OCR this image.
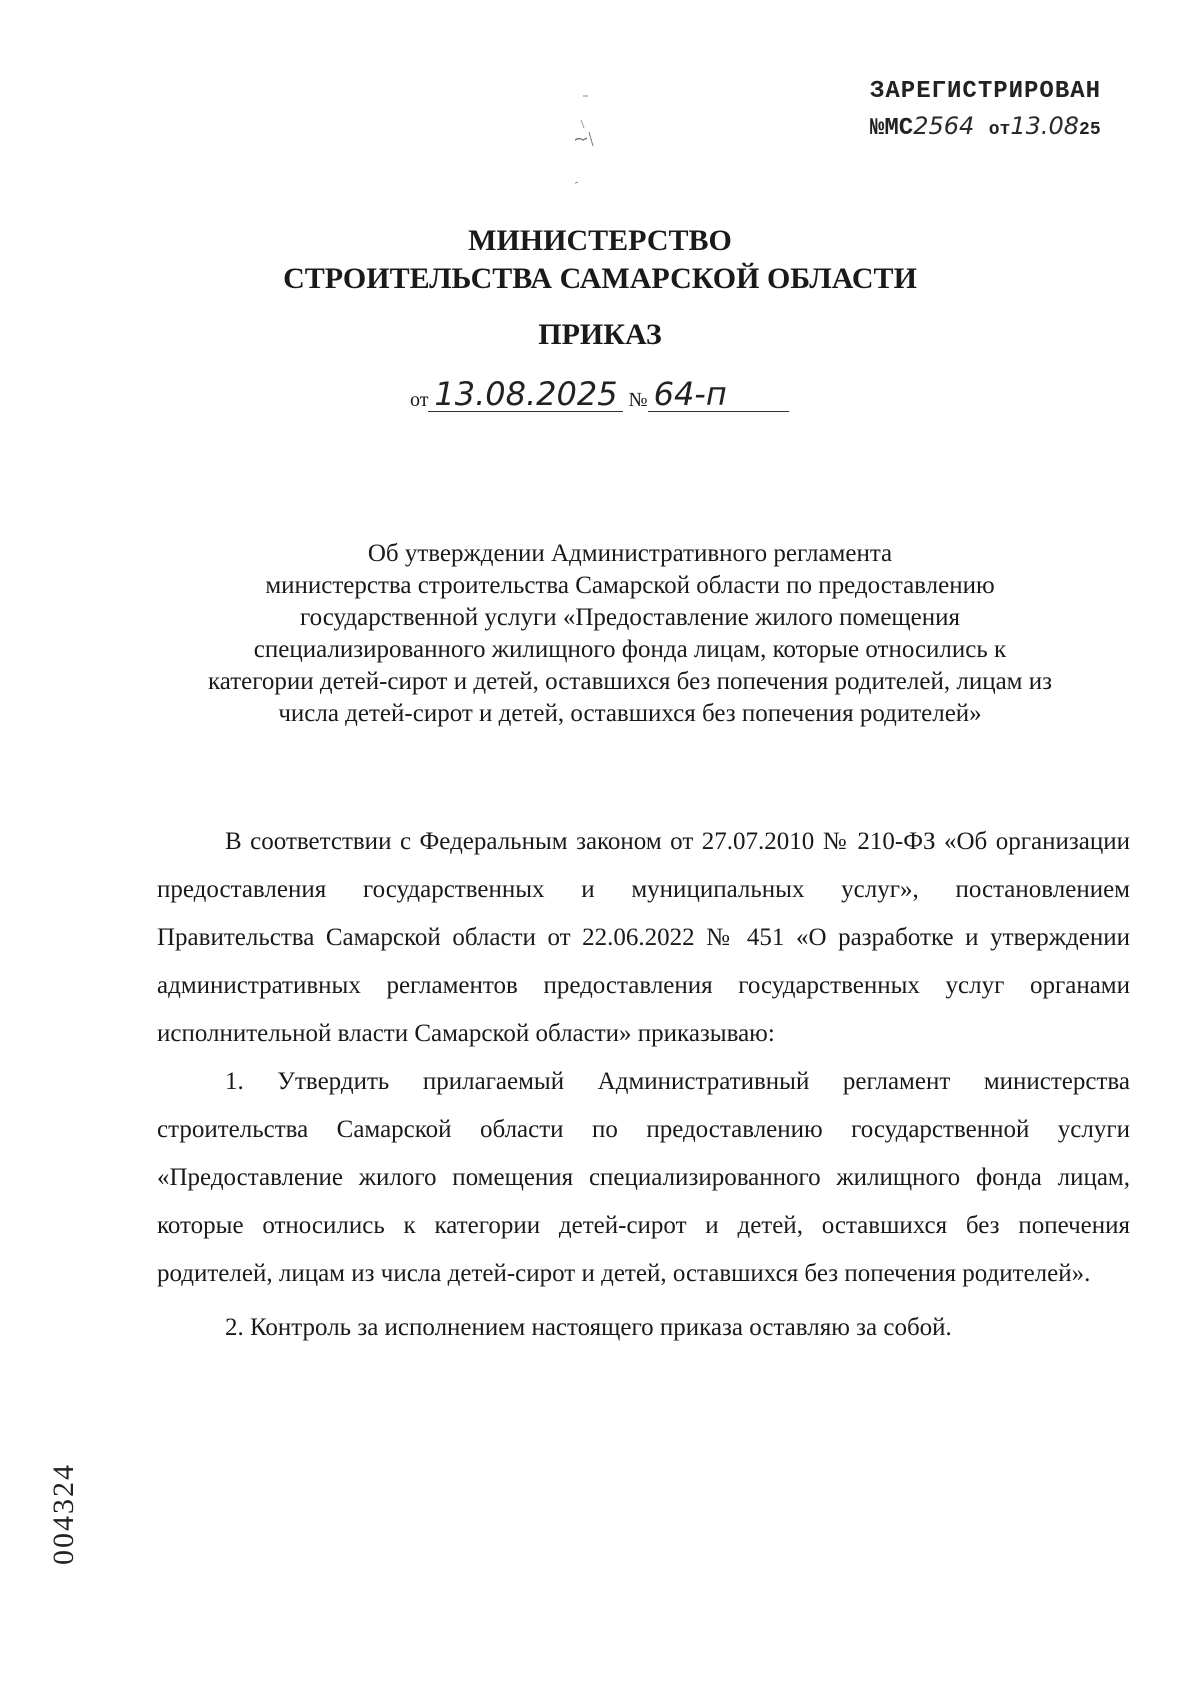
ЗАРЕГИСТРИРОВАН
№МС2564 от13.0825
МИНИСТЕРСТВО
СТРОИТЕЛЬСТВА САМАРСКОЙ ОБЛАСТИ
ПРИКАЗ
от 13.08.2025 № 64-п
Об утверждении Административного регламента
министерства строительства Самарской области по предоставлению
государственной услуги «Предоставление жилого помещения
специализированного жилищного фонда лицам, которые относились к
категории детей-сирот и детей, оставшихся без попечения родителей, лицам из
числа детей-сирот и детей, оставшихся без попечения родителей»

В соответствии с Федеральным законом от 27.07.2010 № 210-ФЗ «Об организации предоставления государственных и муниципальных услуг», постановлением Правительства Самарской области от 22.06.2022 № 451 «О разработке и утверждении административных регламентов предоставления государственных услуг органами исполнительной власти Самарской области» приказываю:

1. Утвердить прилагаемый Административный регламент министерства строительства Самарской области по предоставлению государственной услуги «Предоставление жилого помещения специализированного жилищного фонда лицам, которые относились к категории детей-сирот и детей, оставшихся без попечения родителей, лицам из числа детей-сирот и детей, оставшихся без попечения родителей».

2. Контроль за исполнением настоящего приказа оставляю за собой.

004324
